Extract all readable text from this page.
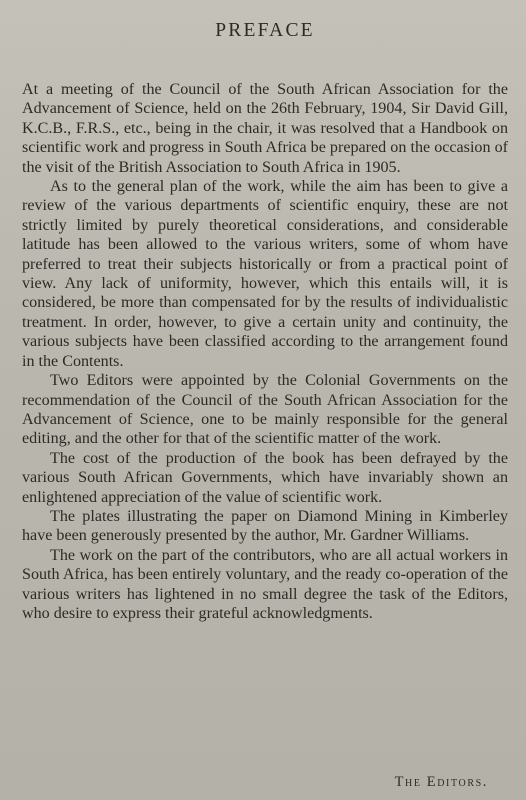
PREFACE

At a meeting of the Council of the South African Association for the Advancement of Science, held on the 26th February, 1904, Sir David Gill, K.C.B., F.R.S., etc., being in the chair, it was resolved that a Handbook on scientific work and progress in South Africa be prepared on the occasion of the visit of the British Association to South Africa in 1905.

As to the general plan of the work, while the aim has been to give a review of the various departments of scientific enquiry, these are not strictly limited by purely theoretical considerations, and considerable latitude has been allowed to the various writers, some of whom have preferred to treat their subjects historically or from a practical point of view. Any lack of uniformity, however, which this entails will, it is considered, be more than compensated for by the results of individualistic treatment. In order, however, to give a certain unity and continuity, the various subjects have been classified according to the arrangement found in the Contents.

Two Editors were appointed by the Colonial Governments on the recommendation of the Council of the South African Association for the Advancement of Science, one to be mainly responsible for the general editing, and the other for that of the scientific matter of the work.

The cost of the production of the book has been defrayed by the various South African Governments, which have invariably shown an enlightened appreciation of the value of scientific work.

The plates illustrating the paper on Diamond Mining in Kimberley have been generously presented by the author, Mr. Gardner Williams.

The work on the part of the contributors, who are all actual workers in South Africa, has been entirely voluntary, and the ready co-operation of the various writers has lightened in no small degree the task of the Editors, who desire to express their grateful acknowledgments.

The Editors.
